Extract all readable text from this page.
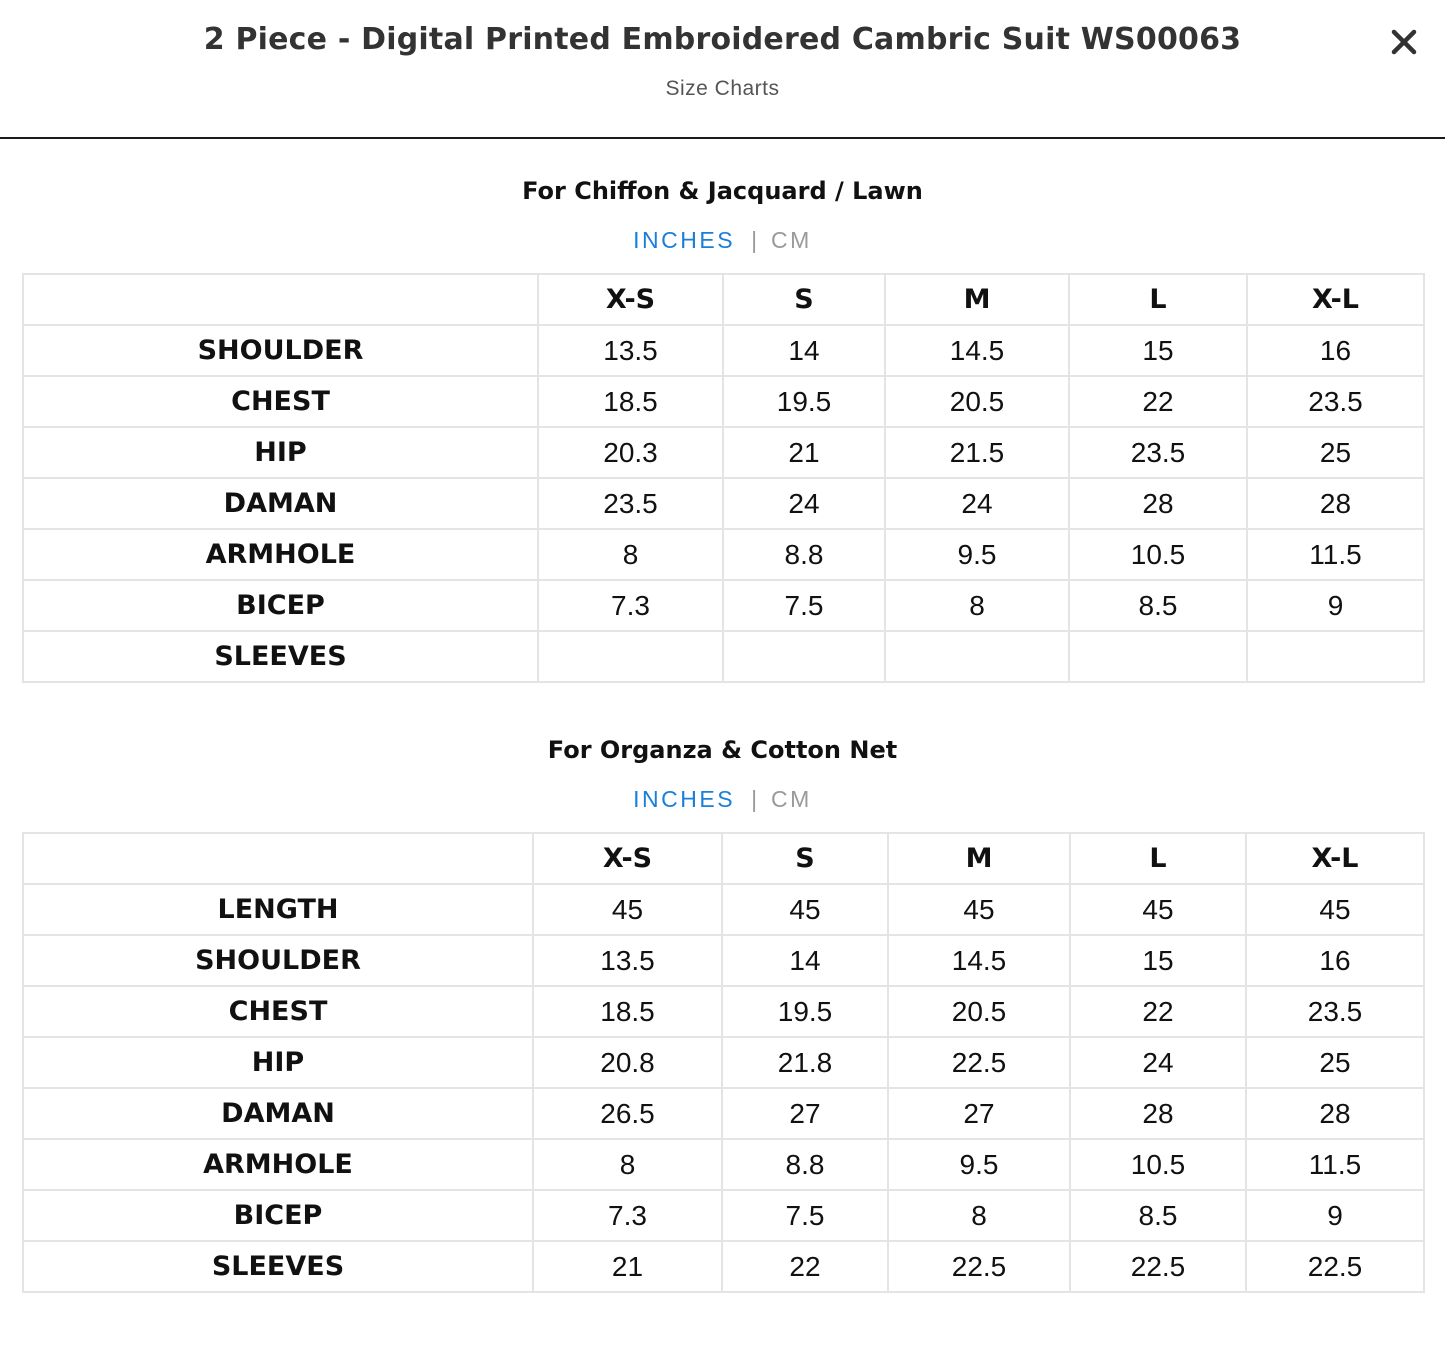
2 Piece - Digital Printed Embroidered Cambric Suit WS00063

Size Charts

For Chiffon & Jacquard / Lawn
INCHES | CM
	X-S	S	M	L	X-L
SHOULDER	13.5	14	14.5	15	16
CHEST	18.5	19.5	20.5	22	23.5
HIP	20.3	21	21.5	23.5	25
DAMAN	23.5	24	24	28	28
ARMHOLE	8	8.8	9.5	10.5	11.5
BICEP	7.3	7.5	8	8.5	9
SLEEVES					
For Organza & Cotton Net
INCHES | CM
	X-S	S	M	L	X-L
LENGTH	45	45	45	45	45
SHOULDER	13.5	14	14.5	15	16
CHEST	18.5	19.5	20.5	22	23.5
HIP	20.8	21.8	22.5	24	25
DAMAN	26.5	27	27	28	28
ARMHOLE	8	8.8	9.5	10.5	11.5
BICEP	7.3	7.5	8	8.5	9
SLEEVES	21	22	22.5	22.5	22.5
